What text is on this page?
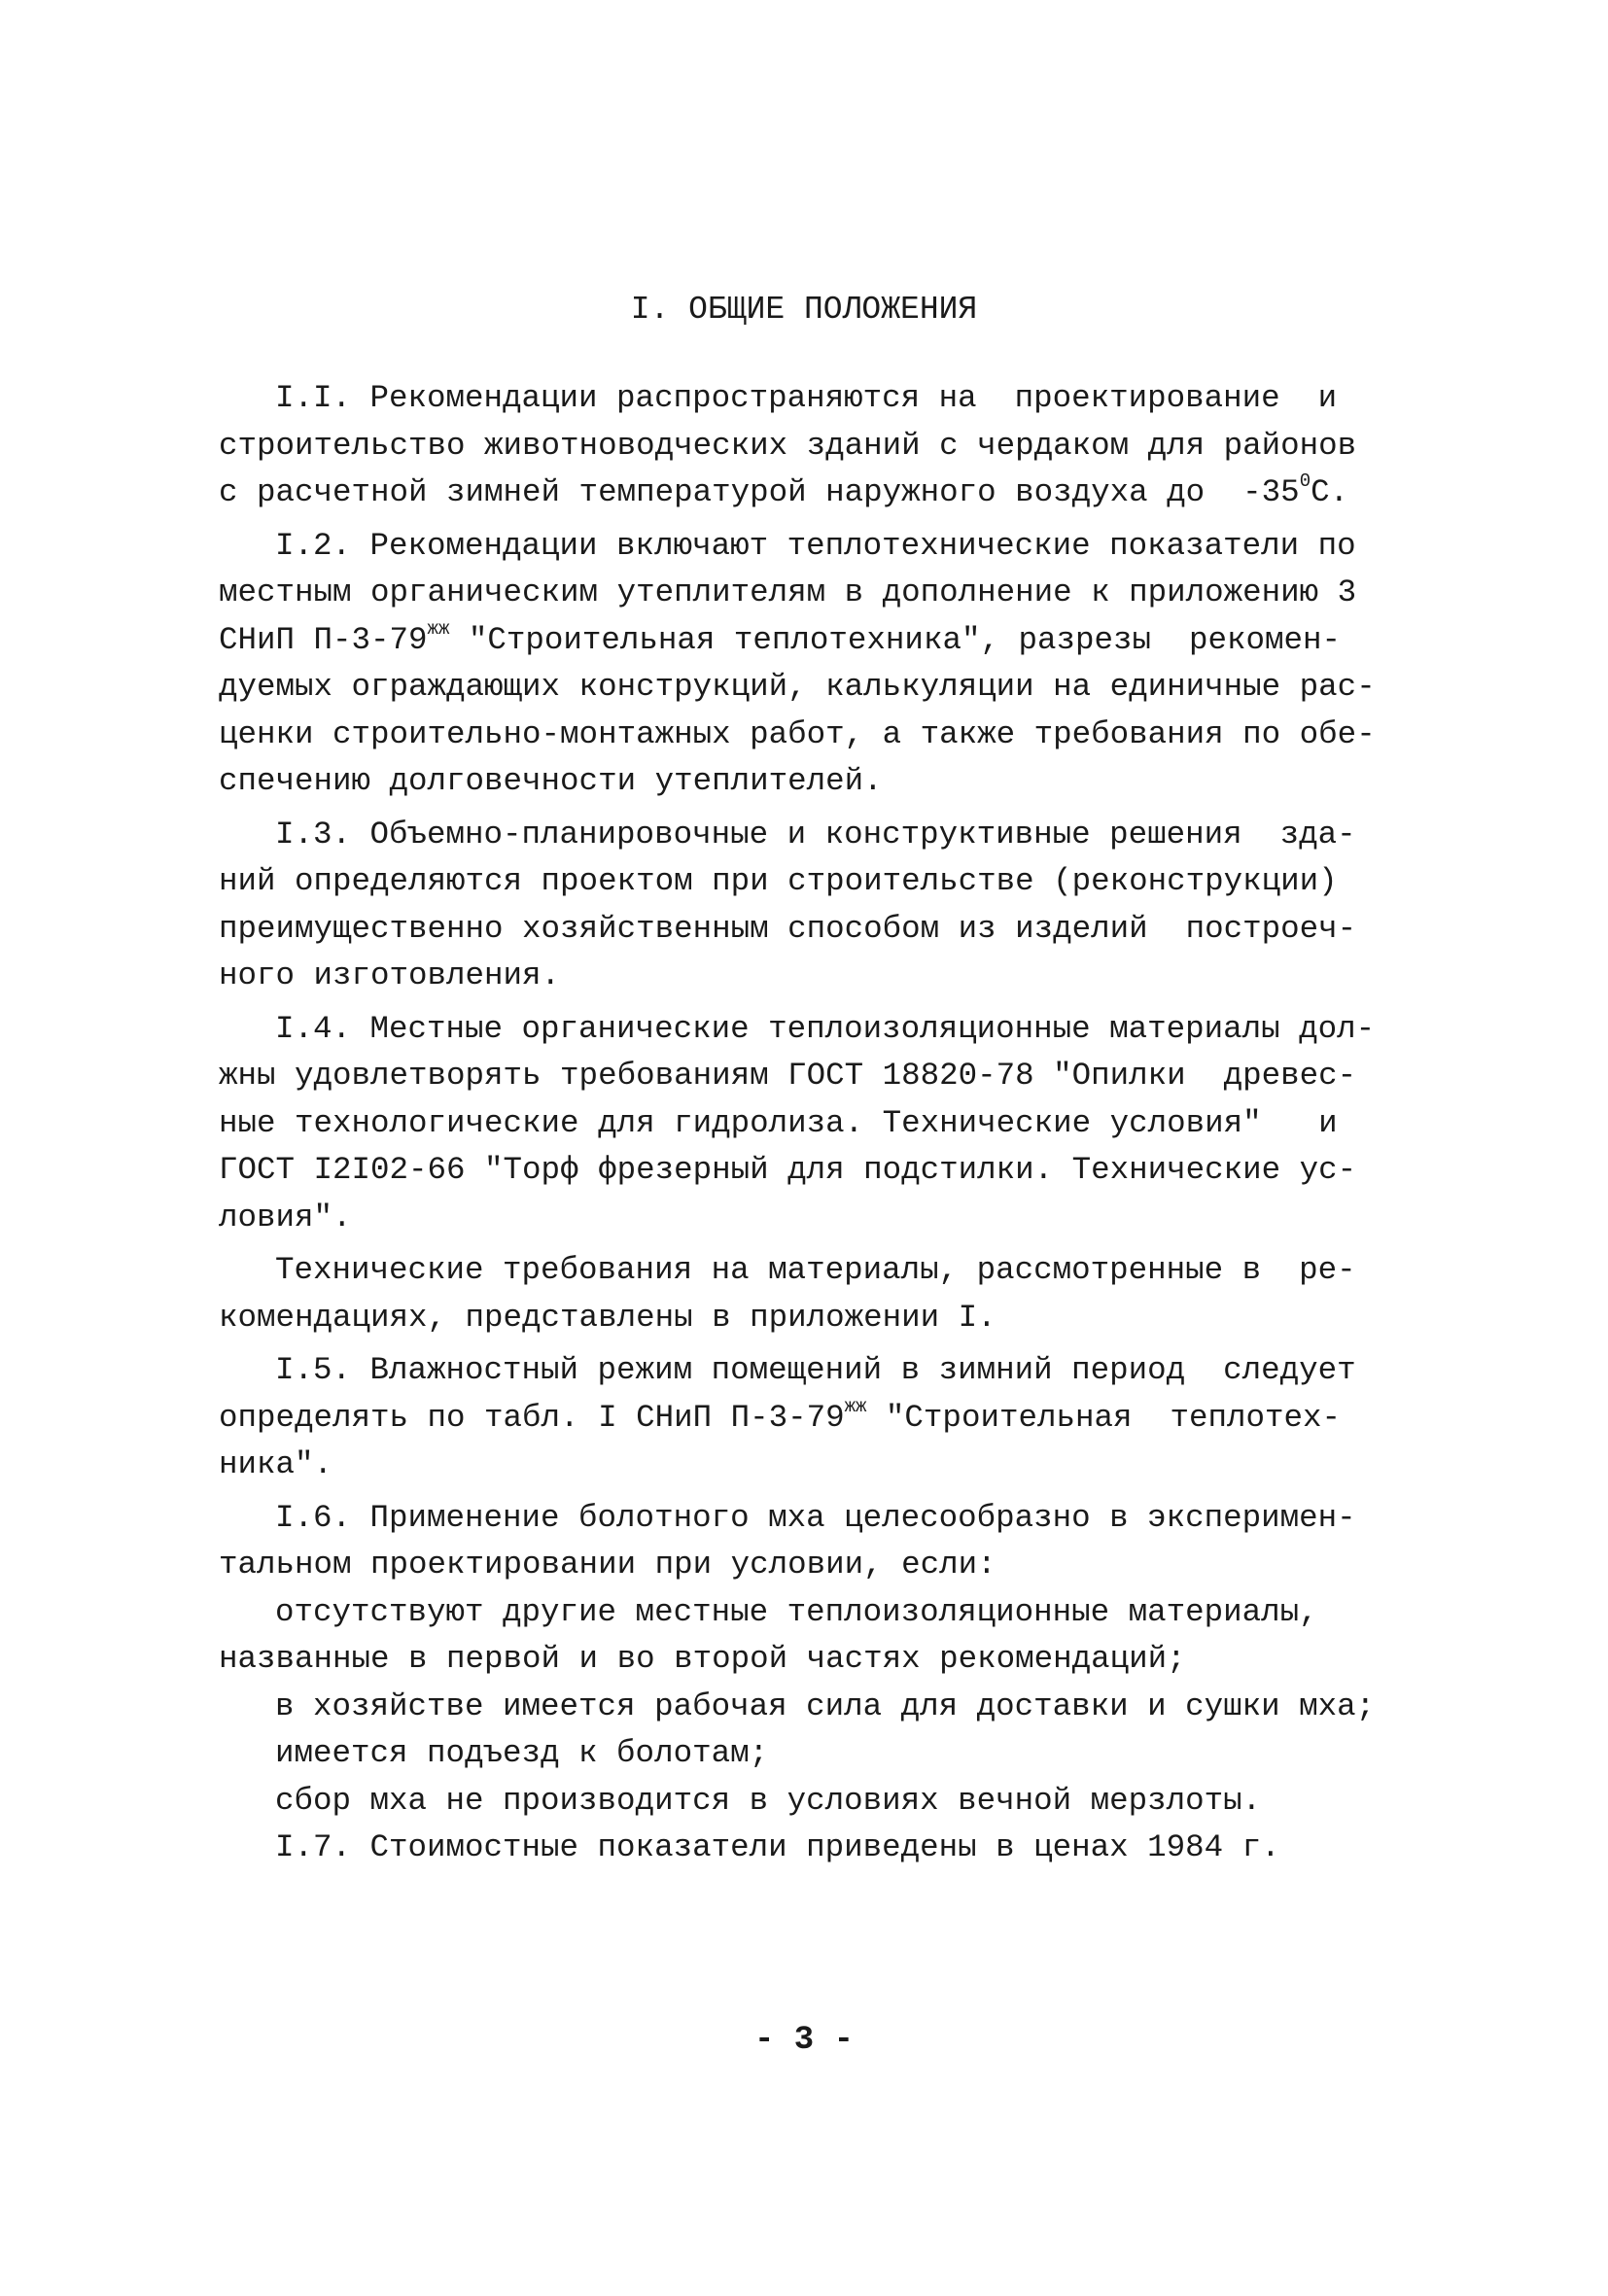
I. ОБЩИЕ ПОЛОЖЕНИЯ
I.I. Рекомендации распространяются на  проектирование  и
строительство животноводческих зданий с чердаком для районов
с расчетной зимней температурой наружного воздуха до  $-35^0С$.
I.2. Рекомендации включают теплотехнические показатели по
местным органическим утеплителям в дополнение к приложению 3
СНиП $П-3-79^{жж}$ "Строительная теплотехника", разрезы  рекомен-
дуемых ограждающих конструкций, калькуляции на единичные рас-
ценки строительно-монтажных работ, а также требования по обе-
спечению долговечности утеплителей.
I.3. Объемно-планировочные и конструктивные решения  зда-
ний определяются проектом при строительстве (реконструкции)
преимущественно хозяйственным способом из изделий  построеч-
ного изготовления.
I.4. Местные органические теплоизоляционные материалы дол-
жны удовлетворять требованиям ГОСТ 18820-78 "Опилки  древес-
ные технологические для гидролиза. Технические условия"   и
ГОСТ I2I02-66 "Торф фрезерный для подстилки. Технические ус-
ловия".
Технические требования на материалы, рассмотренные в  ре-
комендациях, представлены в приложении I.
I.5. Влажностный режим помещений в зимний период  следует
определять по табл. I СНиП $П-3-79^{жж}$ "Строительная  теплотех-
ника".
I.6. Применение болотного мха целесообразно в эксперимен-
тальном проектировании при условии, если:
отсутствуют другие местные теплоизоляционные материалы,
названные в первой и во второй частях рекомендаций;
в хозяйстве имеется рабочая сила для доставки и сушки мха;
имеется подъезд к болотам;
сбор мха не производится в условиях вечной мерзлоты.
I.7. Стоимостные показатели приведены в ценах 1984 г.
- 3 -
